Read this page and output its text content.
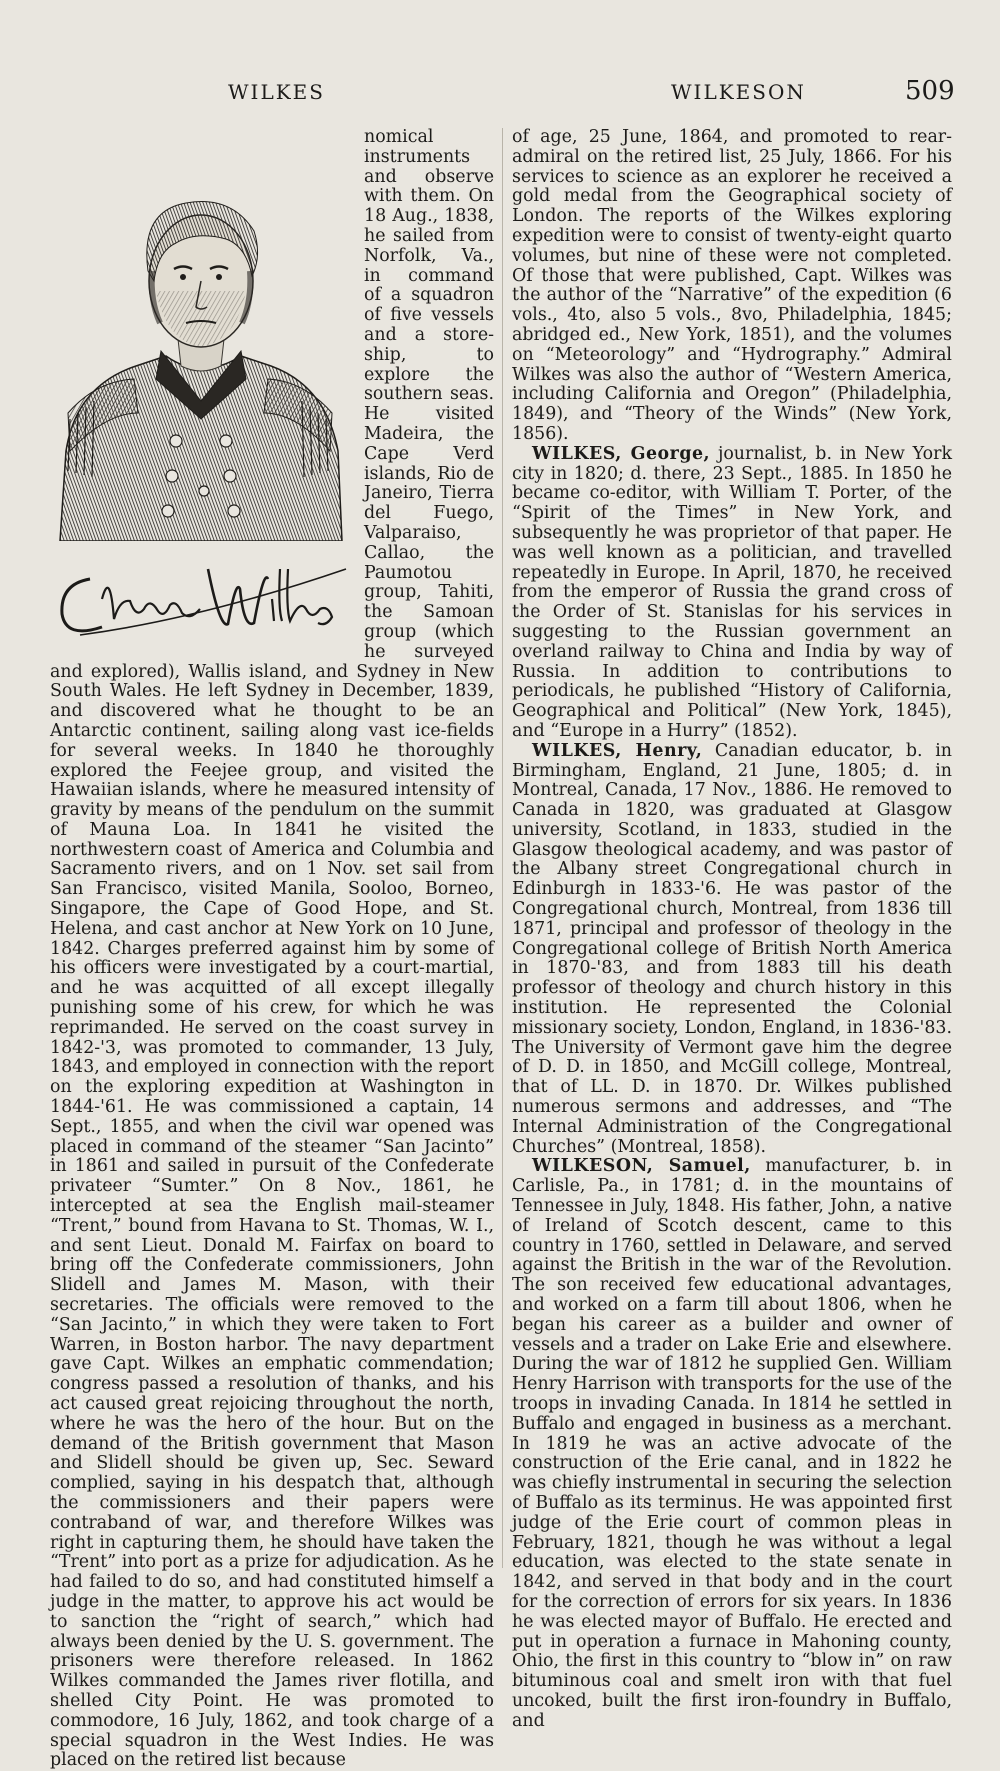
WILKES	WILKESON	509

nomical instruments and observe with them. On 18 Aug., 1838, he sailed from Norfolk, Va., in command of a squadron of five vessels and a store-ship, to explore the southern seas. He visited Madeira, the Cape Verd islands, Rio de Janeiro, Tierra del Fuego, Valparaiso, Callao, the Paumotou group, Tahiti, the Samoan group (which he surveyed and explored), Wallis island, and Sydney in New South Wales. He left Sydney in December, 1839, and discovered what he thought to be an Antarctic continent, sailing along vast ice-fields for several weeks. In 1840 he thoroughly explored the Feejee group, and visited the Hawaiian islands, where he measured intensity of gravity by means of the pendulum on the summit of Mauna Loa. In 1841 he visited the northwestern coast of America and Columbia and Sacramento rivers, and on 1 Nov. set sail from San Francisco, visited Manila, Sooloo, Borneo, Singapore, the Cape of Good Hope, and St. Helena, and cast anchor at New York on 10 June, 1842. Charges preferred against him by some of his officers were investigated by a court-martial, and he was acquitted of all except illegally punishing some of his crew, for which he was reprimanded. He served on the coast survey in 1842-'3, was promoted to commander, 13 July, 1843, and employed in connection with the report on the exploring expedition at Washington in 1844-'61. He was commissioned a captain, 14 Sept., 1855, and when the civil war opened was placed in command of the steamer “San Jacinto” in 1861 and sailed in pursuit of the Confederate privateer “Sumter.” On 8 Nov., 1861, he intercepted at sea the English mail-steamer “Trent,” bound from Havana to St. Thomas, W. I., and sent Lieut. Donald M. Fairfax on board to bring off the Confederate commissioners, John Slidell and James M. Mason, with their secretaries. The officials were removed to the “San Jacinto,” in which they were taken to Fort Warren, in Boston harbor. The navy department gave Capt. Wilkes an emphatic commendation; congress passed a resolution of thanks, and his act caused great rejoicing throughout the north, where he was the hero of the hour. But on the demand of the British government that Mason and Slidell should be given up, Sec. Seward complied, saying in his despatch that, although the commissioners and their papers were contraband of war, and therefore Wilkes was right in capturing them, he should have taken the “Trent” into port as a prize for adjudication. As he had failed to do so, and had constituted himself a judge in the matter, to approve his act would be to sanction the “right of search,” which had always been denied by the U. S. government. The prisoners were therefore released. In 1862 Wilkes commanded the James river flotilla, and shelled City Point. He was promoted to commodore, 16 July, 1862, and took charge of a special squadron in the West Indies. He was placed on the retired list because

of age, 25 June, 1864, and promoted to rear-admiral on the retired list, 25 July, 1866. For his services to science as an explorer he received a gold medal from the Geographical society of London. The reports of the Wilkes exploring expedition were to consist of twenty-eight quarto volumes, but nine of these were not completed. Of those that were published, Capt. Wilkes was the author of the “Narrative” of the expedition (6 vols., 4to, also 5 vols., 8vo, Philadelphia, 1845; abridged ed., New York, 1851), and the volumes on “Meteorology” and “Hydrography.” Admiral Wilkes was also the author of “Western America, including California and Oregon” (Philadelphia, 1849), and “Theory of the Winds” (New York, 1856).

WILKES, George, journalist, b. in New York city in 1820; d. there, 23 Sept., 1885. In 1850 he became co-editor, with William T. Porter, of the “Spirit of the Times” in New York, and subsequently he was proprietor of that paper. He was well known as a politician, and travelled repeatedly in Europe. In April, 1870, he received from the emperor of Russia the grand cross of the Order of St. Stanislas for his services in suggesting to the Russian government an overland railway to China and India by way of Russia. In addition to contributions to periodicals, he published “History of California, Geographical and Political” (New York, 1845), and “Europe in a Hurry” (1852).

WILKES, Henry, Canadian educator, b. in Birmingham, England, 21 June, 1805; d. in Montreal, Canada, 17 Nov., 1886. He removed to Canada in 1820, was graduated at Glasgow university, Scotland, in 1833, studied in the Glasgow theological academy, and was pastor of the Albany street Congregational church in Edinburgh in 1833-'6. He was pastor of the Congregational church, Montreal, from 1836 till 1871, principal and professor of theology in the Congregational college of British North America in 1870-'83, and from 1883 till his death professor of theology and church history in this institution. He represented the Colonial missionary society, London, England, in 1836-'83. The University of Vermont gave him the degree of D. D. in 1850, and McGill college, Montreal, that of LL. D. in 1870. Dr. Wilkes published numerous sermons and addresses, and “The Internal Administration of the Congregational Churches” (Montreal, 1858).

WILKESON, Samuel, manufacturer, b. in Carlisle, Pa., in 1781; d. in the mountains of Tennessee in July, 1848. His father, John, a native of Ireland of Scotch descent, came to this country in 1760, settled in Delaware, and served against the British in the war of the Revolution. The son received few educational advantages, and worked on a farm till about 1806, when he began his career as a builder and owner of vessels and a trader on Lake Erie and elsewhere. During the war of 1812 he supplied Gen. William Henry Harrison with transports for the use of the troops in invading Canada. In 1814 he settled in Buffalo and engaged in business as a merchant. In 1819 he was an active advocate of the construction of the Erie canal, and in 1822 he was chiefly instrumental in securing the selection of Buffalo as its terminus. He was appointed first judge of the Erie court of common pleas in February, 1821, though he was without a legal education, was elected to the state senate in 1842, and served in that body and in the court for the correction of errors for six years. In 1836 he was elected mayor of Buffalo. He erected and put in operation a furnace in Mahoning county, Ohio, the first in this country to “blow in” on raw bituminous coal and smelt iron with that fuel uncoked, built the first iron-foundry in Buffalo, and
